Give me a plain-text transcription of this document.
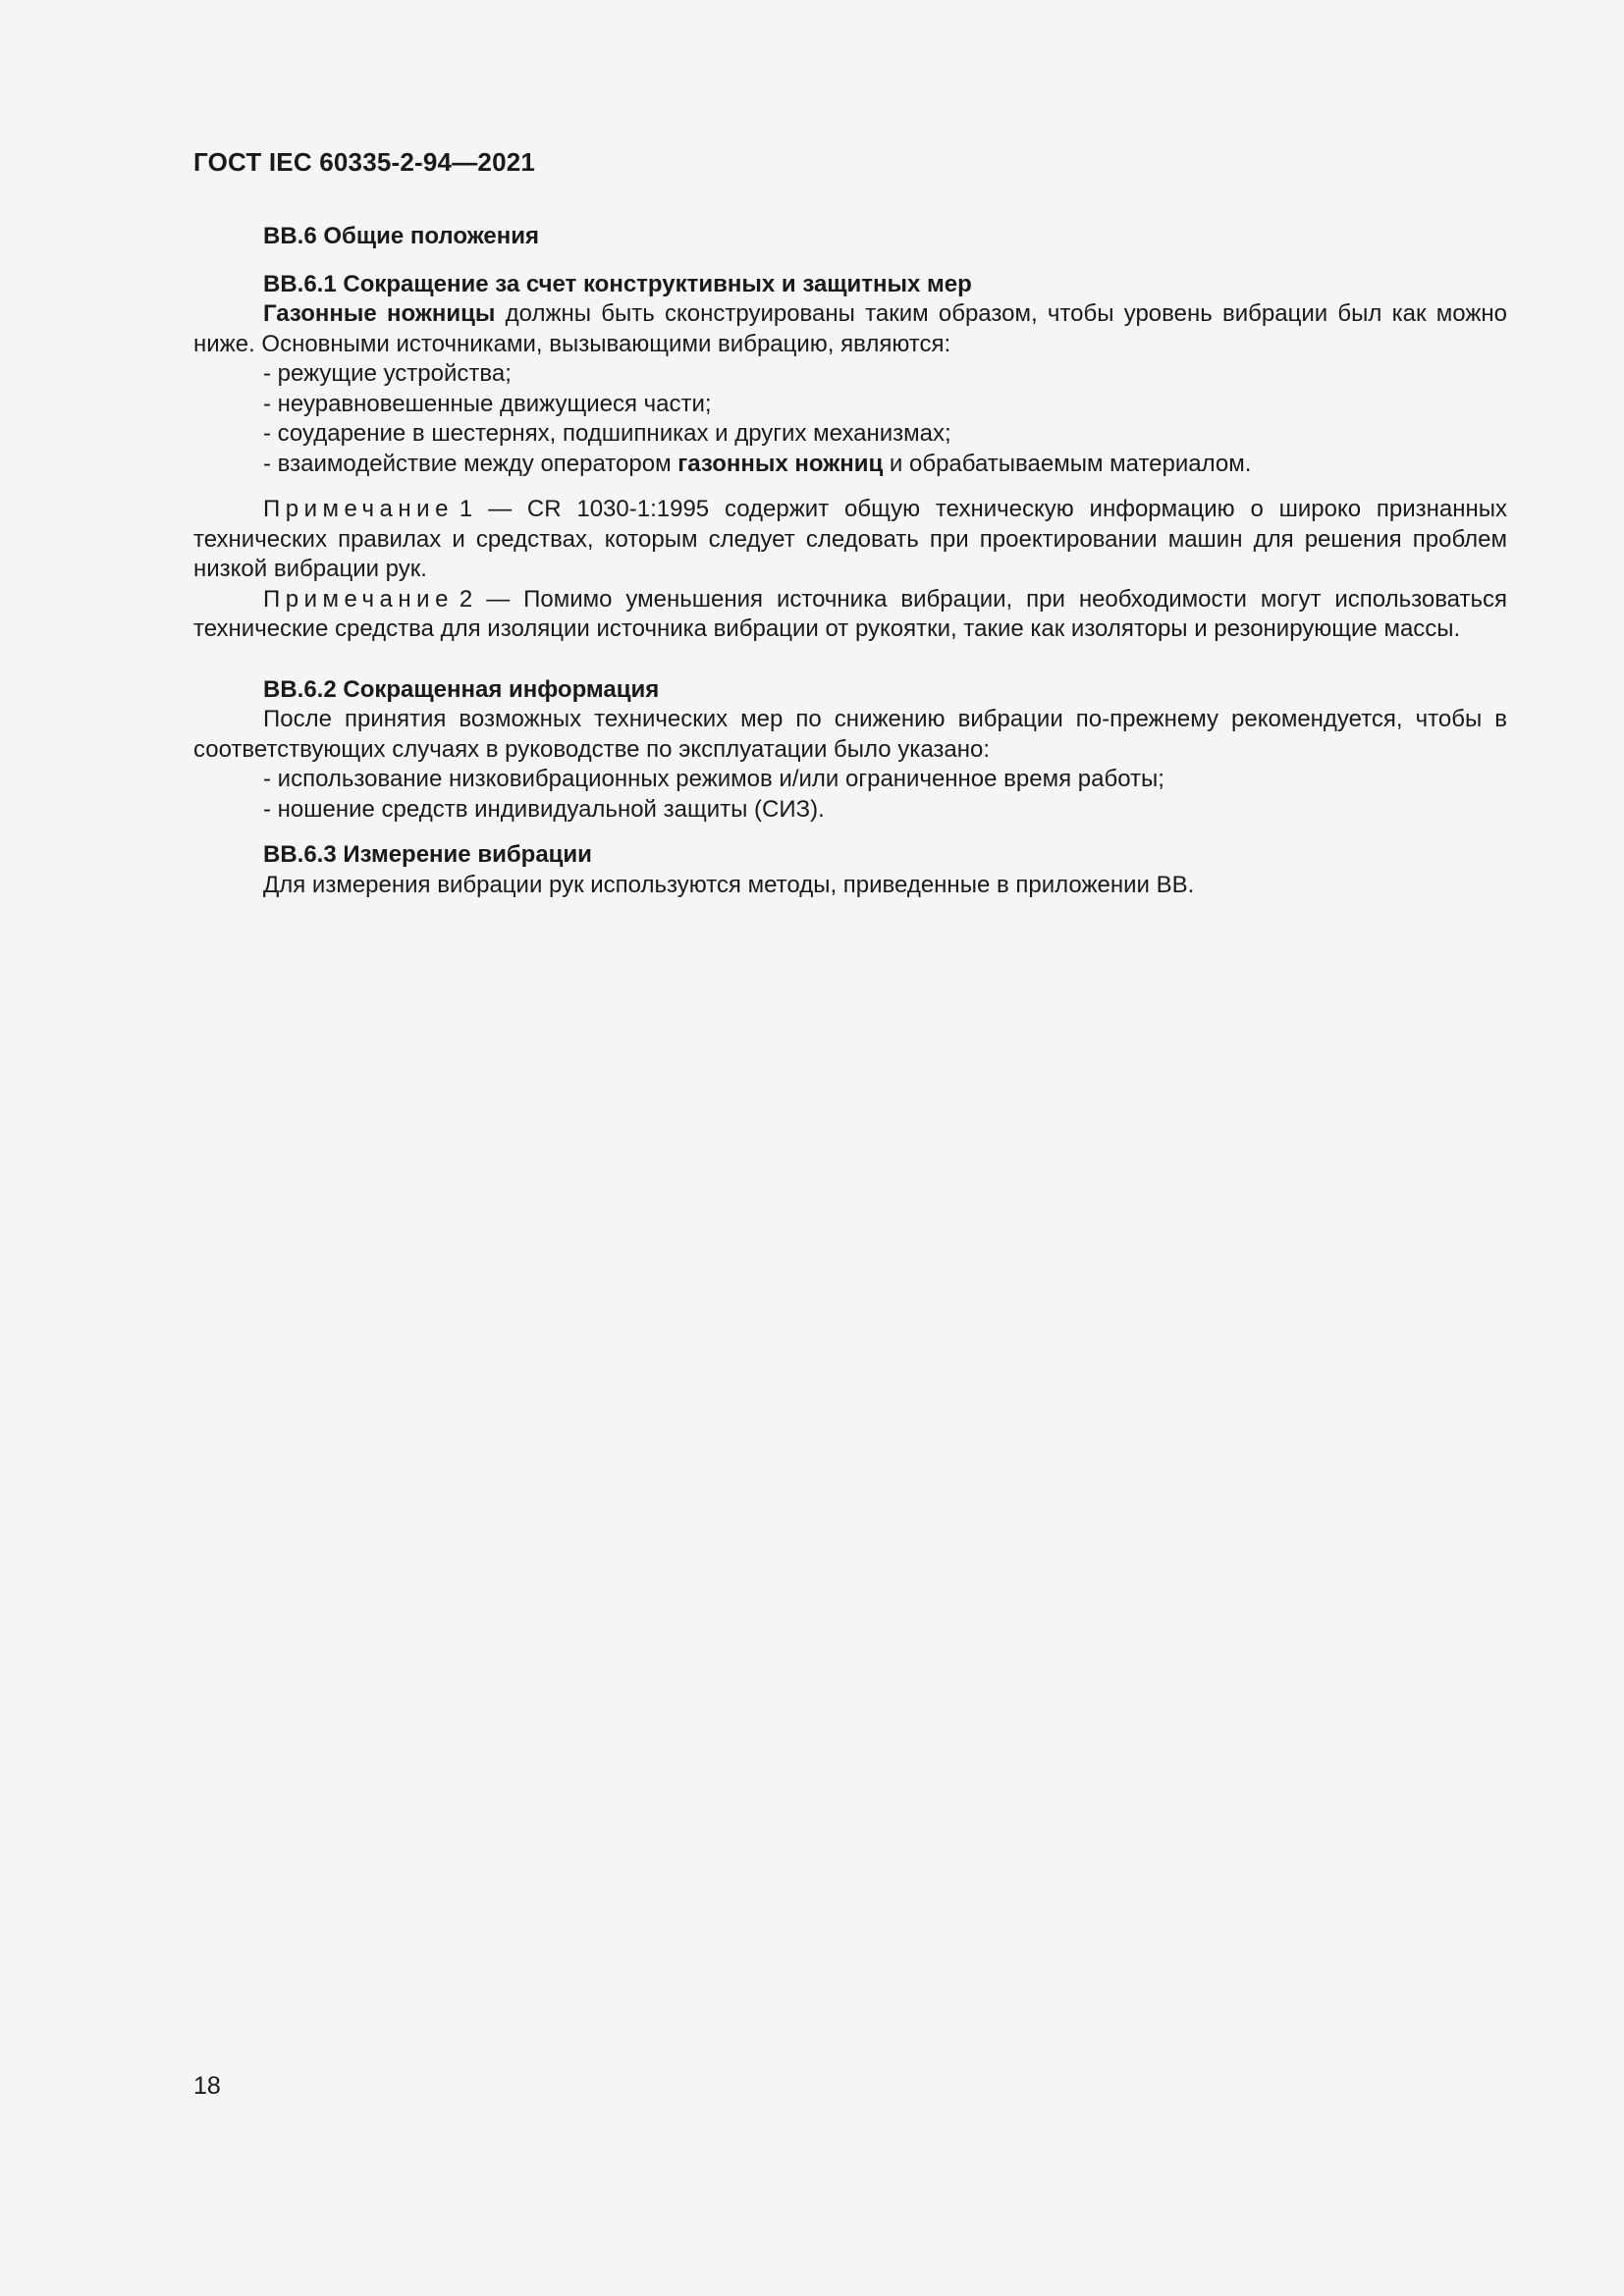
ГОСТ IEC 60335-2-94—2021

ВВ.6 Общие положения

ВВ.6.1 Сокращение за счет конструктивных и защитных мер

Газонные ножницы должны быть сконструированы таким образом, чтобы уровень вибрации был как можно ниже. Основными источниками, вызывающими вибрацию, являются:

- режущие устройства;

- неуравновешенные движущиеся части;

- соударение в шестернях, подшипниках и других механизмах;

- взаимодействие между оператором газонных ножниц и обрабатываемым материалом.

Примечание 1 — CR 1030-1:1995 содержит общую техническую информацию о широко признанных технических правилах и средствах, которым следует следовать при проектировании машин для решения проблем низкой вибрации рук.

Примечание 2 — Помимо уменьшения источника вибрации, при необходимости могут использоваться технические средства для изоляции источника вибрации от рукоятки, такие как изоляторы и резонирующие массы.

ВВ.6.2 Сокращенная информация

После принятия возможных технических мер по снижению вибрации по-прежнему рекомендуется, чтобы в соответствующих случаях в руководстве по эксплуатации было указано:

- использование низковибрационных режимов и/или ограниченное время работы;

- ношение средств индивидуальной защиты (СИЗ).

ВВ.6.3 Измерение вибрации

Для измерения вибрации рук используются методы, приведенные в приложении ВВ.

18
